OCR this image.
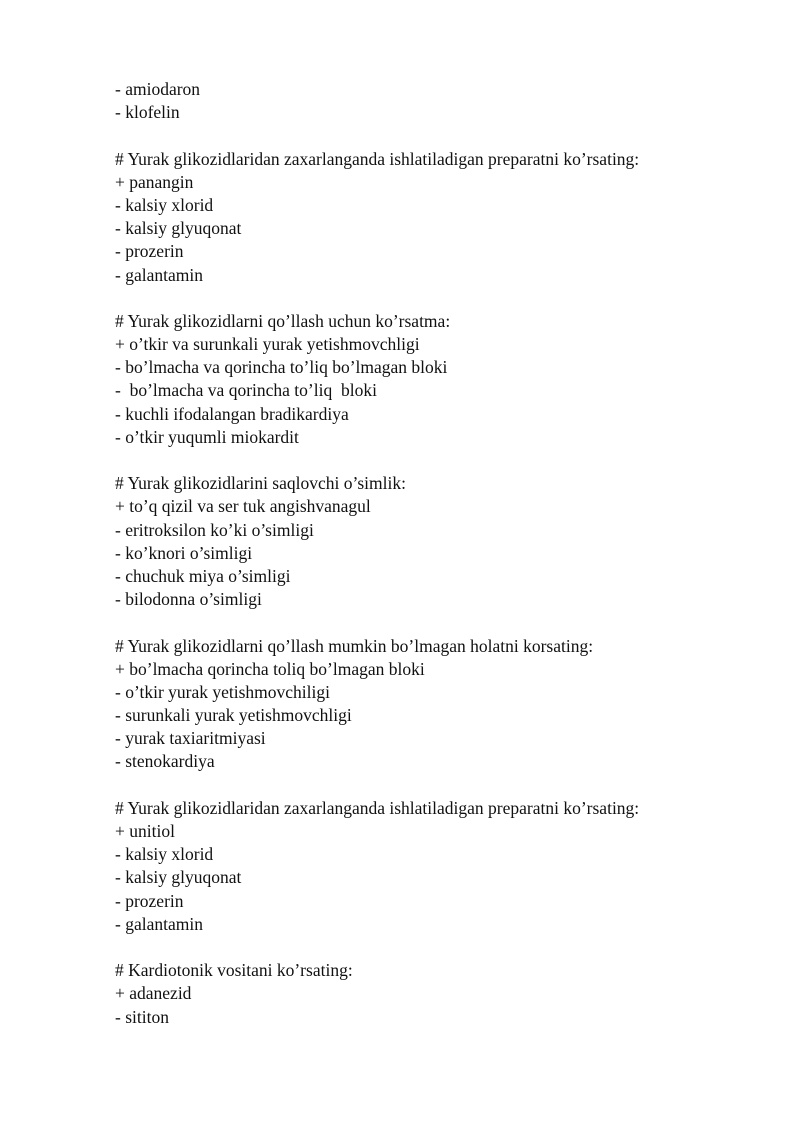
- amiodaron
- klofelin
# Yurak glikozidlaridan zaxarlanganda ishlatiladigan preparatni ko’rsating:
+ panangin
- kalsiy xlorid
- kalsiy glyuqonat
- prozerin
- galantamin
# Yurak glikozidlarni qo’llash uchun ko’rsatma:
+ o’tkir va surunkali yurak yetishmovchligi
- bo’lmacha va qorincha to’liq bo’lmagan bloki
-  bo’lmacha va qorincha to’liq  bloki
- kuchli ifodalangan bradikardiya
- o’tkir yuqumli miokardit
# Yurak glikozidlarini saqlovchi o’simlik:
+ to’q qizil va ser tuk angishvanagul
- eritroksilon ko’ki o’simligi
- ko’knori o’simligi
- chuchuk miya o’simligi
- bilodonna o’simligi
# Yurak glikozidlarni qo’llash mumkin bo’lmagan holatni korsating:
+ bo’lmacha qorincha toliq bo’lmagan bloki
- o’tkir yurak yetishmovchiligi
- surunkali yurak yetishmovchligi
- yurak taxiaritmiyasi
- stenokardiya
# Yurak glikozidlaridan zaxarlanganda ishlatiladigan preparatni ko’rsating:
+ unitiol
- kalsiy xlorid
- kalsiy glyuqonat
- prozerin
- galantamin
# Kardiotonik vositani ko’rsating:
+ adanezid
- sititon
